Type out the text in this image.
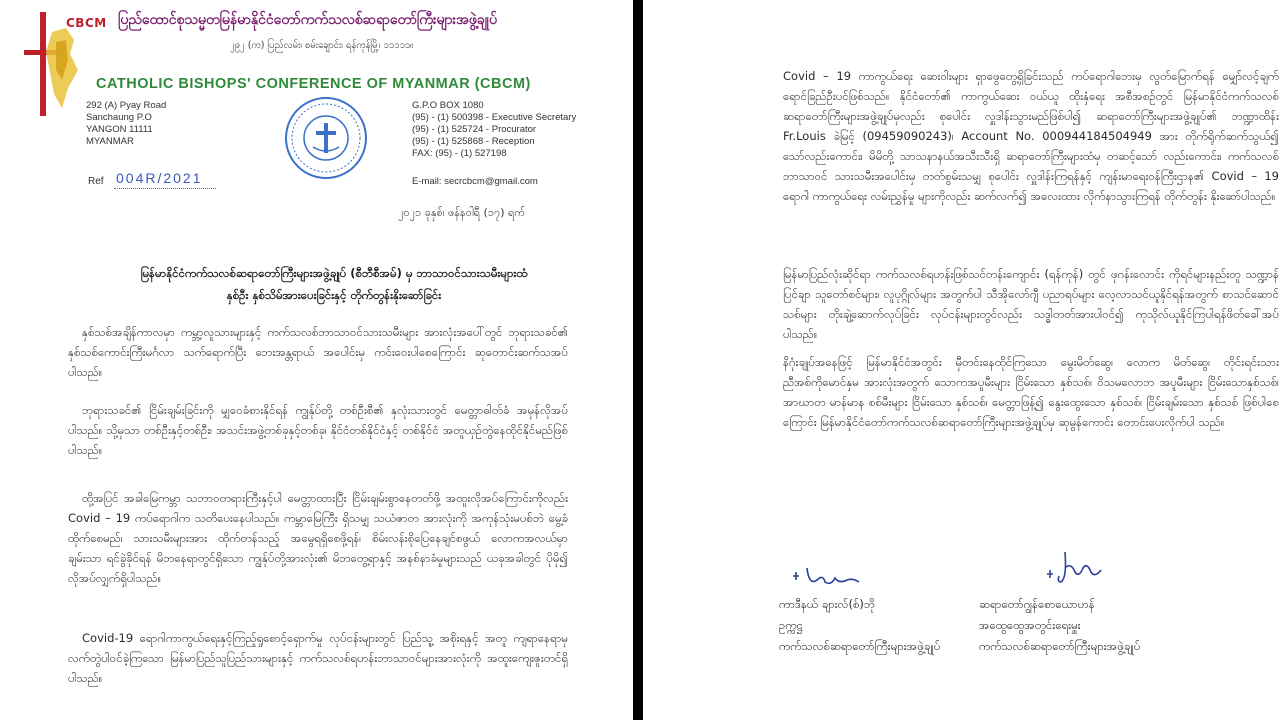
CBCM ပြည်ထောင်စုသမ္မတမြန်မာနိုင်ငံတော်ကက်သလစ်ဆရာတော်ကြီးများအဖွဲ့ချုပ်
၂၉၂ (က) ပြည်လမ်း၊ စမ်းချောင်း၊ ရန်ကုန်မြို့၊ ၁၁၁၁၁။
CATHOLIC BISHOPS' CONFERENCE OF MYANMAR (CBCM)
292 (A) Pyay Road
Sanchaung P.O
YANGON 11111
MYANMAR
G.P.O BOX 1080
(95) - (1) 500398 - Executive Secretary
(95) - (1) 525724 - Procurator
(95) - (1) 525868 - Reception
FAX: (95) - (1) 527198
Ref 004R/2021	E-mail: secrcbcm@gmail.com
၂၀၂၁ ခုနှစ်၊ ဖန်နဝါရီ (၁၇) ရက်
မြန်မာနိုင်ငံကက်သလစ်ဆရာတော်ကြီးများအဖွဲ့ချုပ် (စီဘီစီအမ်) မှ ဘာသာဝင်သားသမီးများထံ
နှစ်ဦး နှစ်သိမ်အားပေးခြင်းနှင့် တိုက်တွန်းနိုးဆော်ခြင်း
နှစ်သစ်အချိန်ကာလမှာ ကမ္ဘာ့လူသားများနှင့် ကက်သလစ်ဘာသာဝင်သားသမီးများ အားလုံးအပေါ်တွင် ဘုရားသခင်၏ နှစ်သစ်ကောင်းကြီးမင်္ဂလာ သက်ရောက်ပြီး ဘေးအန္တရာယ် အပေါင်းမှ ကင်းဝေးပါစေကြောင်း ဆုတောင်းဆက်သအပ်ပါသည်။
ဘုရားသခင်၏ ငြိမ်းချမ်းခြင်းကို မျှဝေခံစားနိုင်ရန် ကျွန်ုပ်တို့ တစ်ဦးစီ၏ နှလုံးသားတွင် မေတ္တာဓါတ်ခံ အမှန်လိုအပ်ပါသည်။ သို့မှသာ တစ်ဦးနှင့်တစ်ဦး၊ အသင်းအဖွဲ့တစ်ခုနှင့်တစ်ခု၊ နိုင်ငံတစ်နိုင်ငံနှင့် တစ်နိုင်ငံ အတူယှဉ်တွဲနေထိုင်နိုင်မည်ဖြစ်ပါသည်။
ထို့အပြင် အခါမြေကမ္ဘာ သဘာဝတရားကြီးနှင့်ပါ မေတ္တာထားပြီး ငြိမ်းချမ်းစွာနေတတ်ဖို့ အထူးလိုအပ်ကြောင်းကိုလည်း Covid – 19 ကပ်ရောဂါက သတိပေးနေပါသည်။ ကမ္ဘာမြေကြီး ရှိသမျှ သယံဇာတ အားလုံးကို အကုန်သုံးမပစ်ဘဲ မွေ့ခံထိုက်စေမည်၊ သားသမီးများအား ထိုက်တန်သည့် အမွေရရှိစေဖို့ရန်၊ စိမ်းလန်းစိုပြေနေချင်စဖွယ် လောကအလယ်မှာ ချမ်းသာ ရင်ခွဲခိုင်ရန် မိဘနေရာတွင်ရှိသော ကျွန်ုပ်တို့အားလုံး၏ မိဘတွေ့ရာနှင့် အနစ်နာခံမှုများသည် ယခုအခါတွင် ပိုမို၍ လိုအပ်လျှက်ရှိပါသည်။
Covid-19 ရောဂါကာကွယ်ရေးနှင့်ကြည့်ရှုစောင့်ရှောက်မှု လုပ်ငန်းများတွင် ပြည်သူ့ အစိုးရနှင့် အတူ ကျရာနေရာမှ လက်တွဲပါဝင်ခဲ့ကြသော မြန်မာပြည်သူပြည်သားများနှင့် ကက်သလစ်ရဟန်းဘာသာဝင်များအားလုံးကို အထူးကျေးဇူးတင်ရှိပါသည်။
Covid – 19 ကာကွယ်ရေး ဆေးဝါးများ ရှာဖွေတွေ့ရှိခြင်းသည် ကပ်ရောဂါဘေးမှ လွတ်မြောက်ရန် မျှော်လင့်ချက် ရောင်ခြည်ဦးပင်ဖြစ်သည်။ နိုင်ငံတော်၏ ကာကွယ်ဆေး ဝယ်ယူ ထိုးနှံရေး အစီအစဉ်တွင် မြန်မာနိုင်ငံကက်သလစ်ဆရာတော်ကြီးများအဖွဲ့ချုပ်မှလည်း စုပေါင်း လှူဒါန်းသွားမည်ဖြစ်ပါ၍ ဆရာတော်ကြီးများအဖွဲ့ချုပ်၏ ဘဏ္ဍာထိန်း Fr.Louis ခဲမြင့် (09459090243)၊ Account No. 000944184504949 အား တိုက်ရိုက်ဆက်သွယ်၍ သော်လည်းကောင်း၊ မိမိတို့ သာသနာနယ်အသီးသီးရှိ ဆရာတော်ကြီးများထံမှ တဆင့်သော် လည်းကောင်း၊ ကက်သလစ်ဘာသာဝင် သားသမီးအပေါင်းမှ တတ်စွမ်းသမျှ စုပေါင်း လှူဒါန်းကြရန်နှင့် ကျန်းမာရေးဝန်ကြီးဌာန၏ Covid – 19 ရောဂါ ကာကွယ်ရေး လမ်းညွှန်မှု များကိုလည်း ဆက်လက်၍ အလေးထား လိုက်နာသွားကြရန် တိုက်တွန်း နိုးဆော်ပါသည်။
မြန်မာပြည်လုံးဆိုင်ရာ ကက်သလစ်ရဟန်းဖြစ်သင်တန်းကျောင်း (ရန်ကုန်) တွင် ဖုဂန်းလောင်း ကိုရင်များနည်းတူ သဏ္ဍာန်ပြင်ချာ သူတော်စင်များ၊ လူပုဂ္ဂိုလ်များ အတွက်ပါ သီအိုလော်ဂျီ ပညာရပ်များ လေ့လာသင်ယူနိုင်ရန်အတွက် စာသင်ဆောင်သစ်များ တိုးချဲ့ဆောက်လုပ်ခြင်း လုပ်ငန်းများတွင်လည်း သဒ္ဓါတတ်အားပါဝင်၍ ကုသိုလ်ယူနိုင်ကြပါရန်ဖိတ်ခေါ်အပ်ပါသည်။
နိဂုံးချုပ်အနေဖြင့် မြန်မာနိုင်ငံအတွင်း မှီတင်းနေထိုင်ကြသော မွေးမိတ်ဆွေ၊ လောက မိတ်ဆွေ၊ တိုင်းရင်းသား ညီအစ်ကိုမောင်နှမ အားလုံးအတွက် သောကအပူမီးများ ငြိမ်းသော နှစ်သစ်၊ ဝိသမလောဘ အပူမီးများ ငြိမ်းသောနှစ်သစ်၊ အာဃာတ မာန်မာန စစ်မီးများ ငြိမ်းသော နှစ်သစ်၊ မေတ္တာဖြန့်၍ နွေးထွေးသော နှစ်သစ်၊ ငြိမ်းချမ်းသော နှစ်သစ် ဖြစ်ပါစေကြောင်း မြန်မာနိုင်ငံတော်ကက်သလစ်ဆရာတော်ကြီးများအဖွဲ့ချုပ်မှ ဆုမွန်ကောင်း တောင်းပေးလိုက်ပါ သည်။
ကာဒီနယ် ချားလ်(စ်)ဘို
ဥက္ကဋ္ဌ
ကက်သလစ်ဆရာတော်ကြီးများအဖွဲ့ချုပ်
ဆရာတော်ဂျွန်စောယောဟန်
အထွေထွေအတွင်းရေးမှူး
ကက်သလစ်ဆရာတော်ကြီးများအဖွဲ့ချုပ်
